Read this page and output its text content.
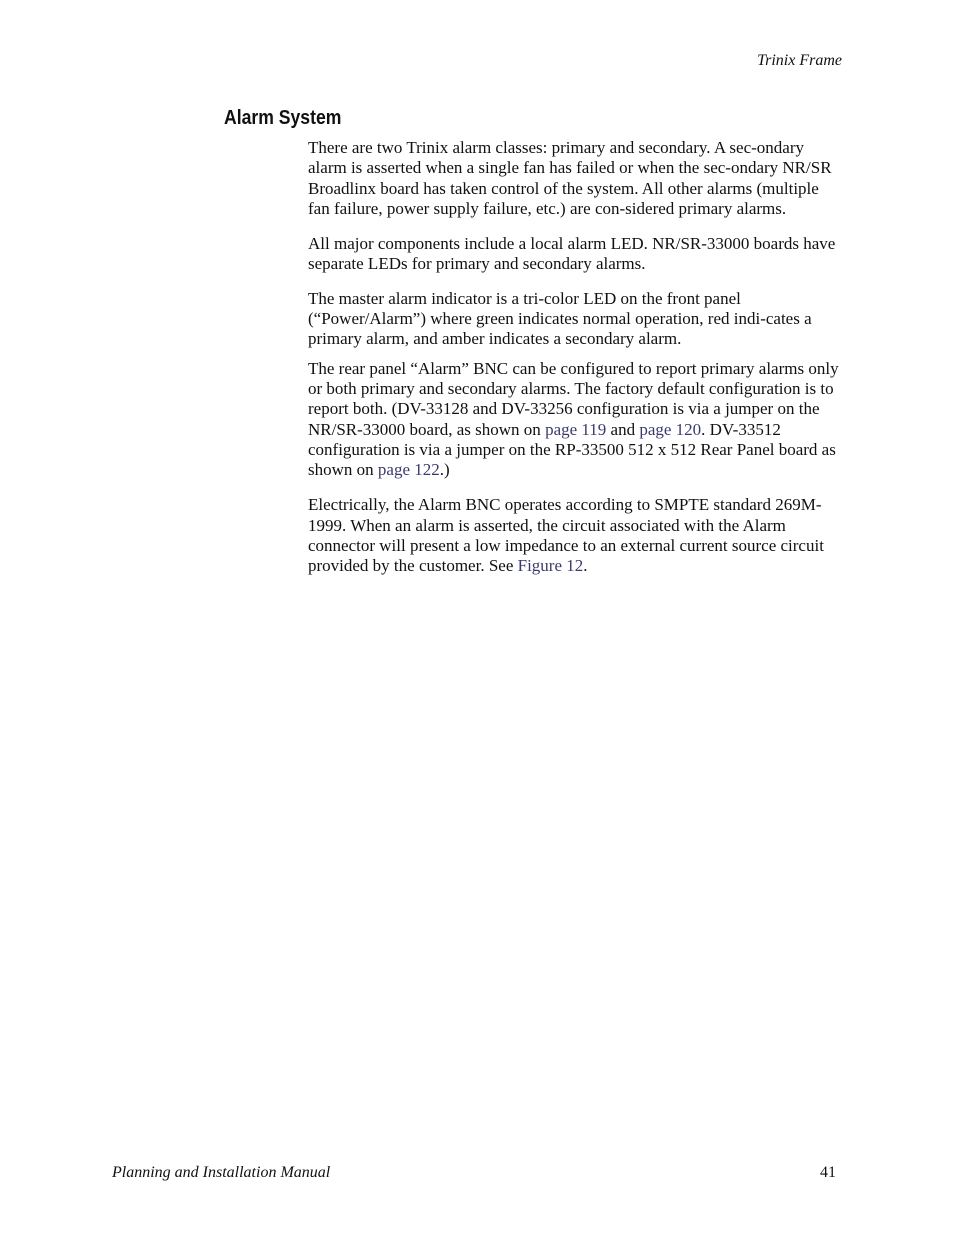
Trinix Frame
Alarm System

There are two Trinix alarm classes: primary and secondary. A sec-ondary alarm is asserted when a single fan has failed or when the sec-ondary NR/SR Broadlinx board has taken control of the system. All other alarms (multiple fan failure, power supply failure, etc.) are con-sidered primary alarms.

All major components include a local alarm LED. NR/SR-33000 boards have separate LEDs for primary and secondary alarms.

The master alarm indicator is a tri-color LED on the front panel (“Power/Alarm”) where green indicates normal operation, red indi-cates a primary alarm, and amber indicates a secondary alarm.

The rear panel “Alarm” BNC can be configured to report primary alarms only or both primary and secondary alarms. The factory default configuration is to report both. (DV-33128 and DV-33256 configuration is via a jumper on the NR/SR-33000 board, as shown on page 119 and page 120. DV-33512 configuration is via a jumper on the RP-33500 512 x 512 Rear Panel board as shown on page 122.)

Electrically, the Alarm BNC operates according to SMPTE standard 269M-1999. When an alarm is asserted, the circuit associated with the Alarm connector will present a low impedance to an external current source circuit provided by the customer. See Figure 12.

Planning and Installation Manual	41
